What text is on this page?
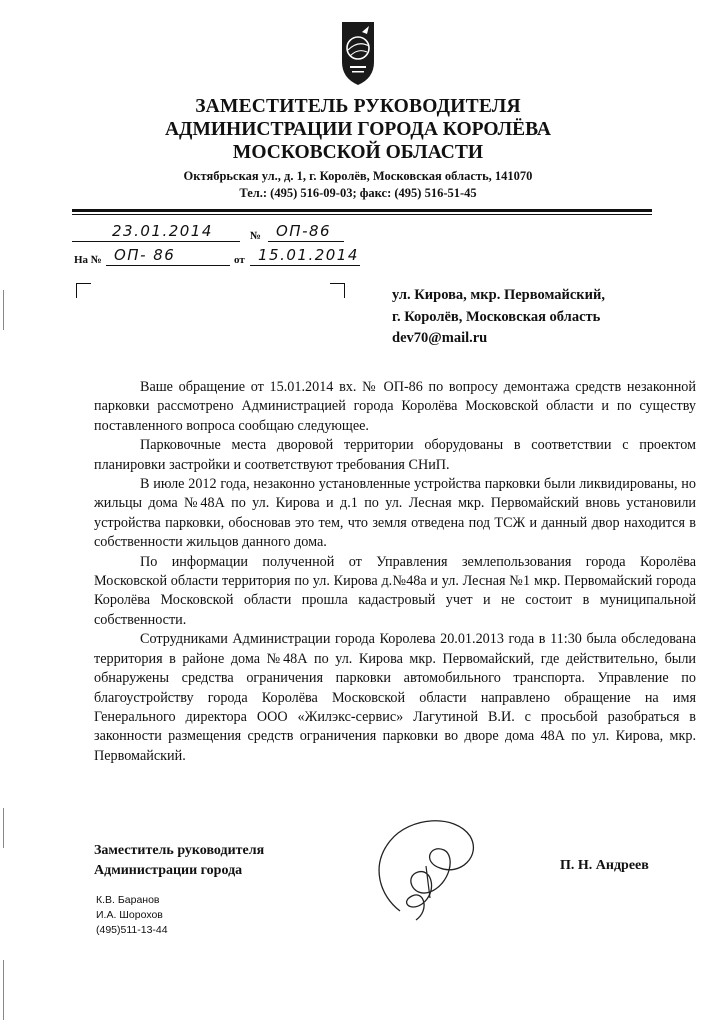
ЗАМЕСТИТЕЛЬ РУКОВОДИТЕЛЯ
АДМИНИСТРАЦИИ ГОРОДА КОРОЛЁВА
МОСКОВСКОЙ ОБЛАСТИ
Октябрьская ул., д. 1, г. Королёв, Московская область, 141070
Тел.: (495) 516-09-03; факс: (495) 516-51-45
23.01.2014	№ ОП-86
На № ОП- 86	от 15.01.2014
ул. Кирова, мкр. Первомайский,
г. Королёв, Московская область
dev70@mail.ru

Ваше обращение от 15.01.2014 вх. № ОП-86 по вопросу демонтажа средств незаконной парковки рассмотрено Администрацией города Королёва Московской области и по существу поставленного вопроса сообщаю следующее.

Парковочные места дворовой территории оборудованы в соответствии с проектом планировки застройки и соответствуют требования СНиП.

В июле 2012 года, незаконно установленные устройства парковки были ликвидированы, но жильцы дома №48А по ул. Кирова и д.1 по ул. Лесная мкр. Первомайский вновь установили устройства парковки, обосновав это тем, что земля отведена под ТСЖ и данный двор находится в собственности жильцов данного дома.

По информации полученной от Управления землепользования города Королёва Московской области территория по ул. Кирова д.№48а и ул. Лесная №1 мкр. Первомайский города Королёва Московской области прошла кадастровый учет и не состоит в муниципальной собственности.

Сотрудниками Администрации города Королева 20.01.2013 года в 11:30 была обследована территория в районе дома №48А по ул. Кирова мкр. Первомайский, где действительно, были обнаружены средства ограничения парковки автомобильного транспорта. Управление по благоустройству города Королёва Московской области направлено обращение на имя Генерального директора ООО «Жилэкс-сервис» Лагутиной В.И. с просьбой разобраться в законности размещения средств ограничения парковки во дворе дома 48А по ул. Кирова, мкр. Первомайский.

Заместитель руководителя
Администрации города	П. Н. Андреев
К.В. Баранов
И.А. Шорохов
(495)511-13-44
